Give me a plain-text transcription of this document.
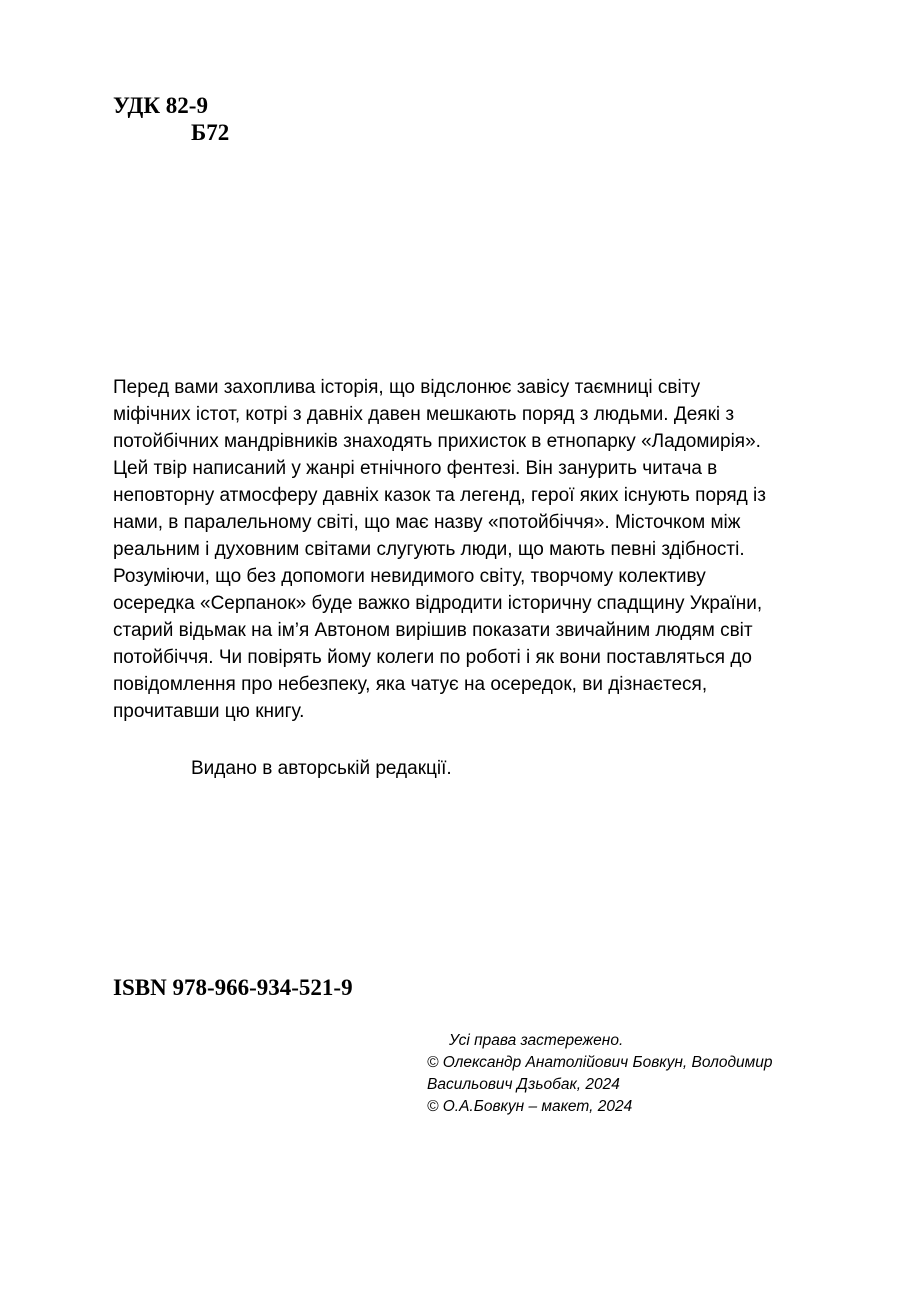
УДК 82-9
Б72

Перед вами захоплива історія, що відслонює завісу таємниці світу
міфічних істот, котрі з давніх давен мешкають поряд з людьми. Деякі з
потойбічних мандрівників знаходять прихисток в етнопарку «Ладомирія».
Цей твір написаний у жанрі етнічного фентезі. Він занурить читача в
неповторну атмосферу давніх казок та легенд, герої яких існують поряд із
нами, в паралельному світі, що має назву «потойбіччя». Місточком між
реальним і духовним світами слугують люди, що мають певні здібності.
Розуміючи, що без допомоги невидимого світу, творчому колективу
осередка «Серпанок» буде важко відродити історичну спадщину України,
старий відьмак на ім’я Автоном вирішив показати звичайним людям світ
потойбіччя. Чи повірять йому колеги по роботі і як вони поставляться до
повідомлення про небезпеку, яка чатує на осередок, ви дізнаєтеся,
прочитавши цю книгу.

Видано в авторській редакції.

ISBN 978-966-934-521-9

Усі права застережено.
© Олександр Анатолійович Бовкун, Володимир
Васильович Дзьобак, 2024
© О.А.Бовкун – макет, 2024
